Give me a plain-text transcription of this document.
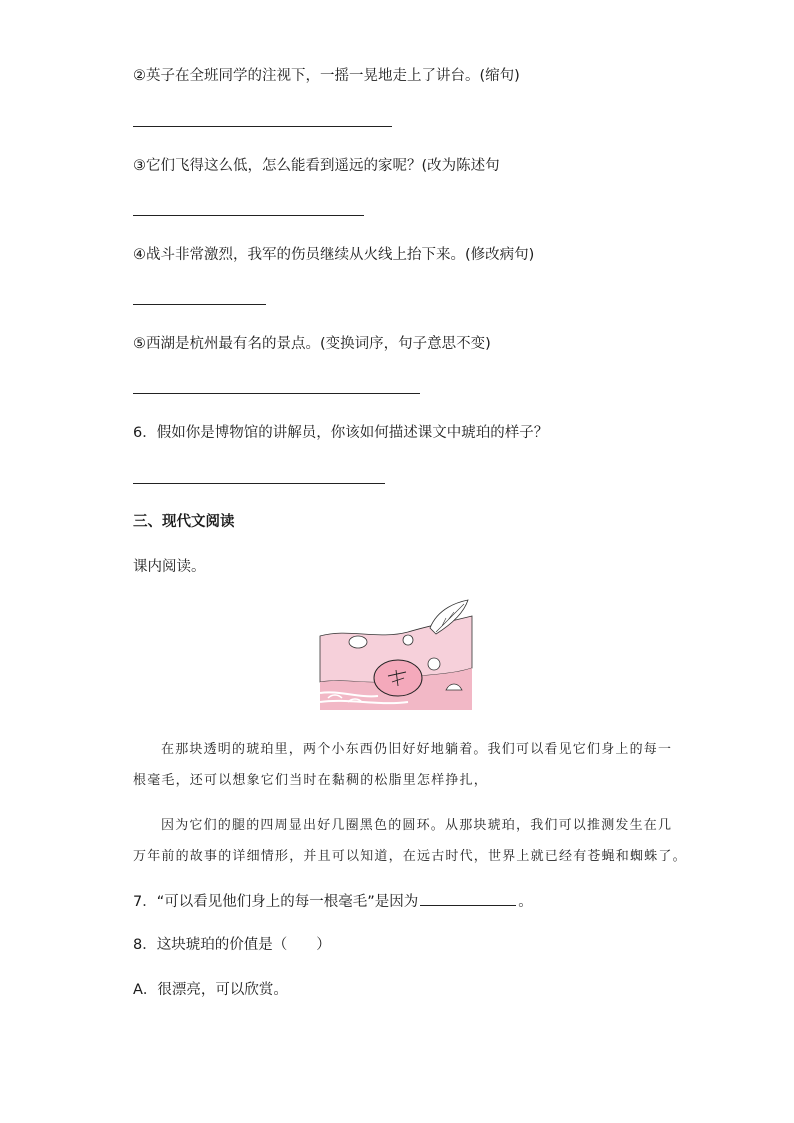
②英子在全班同学的注视下，一摇一晃地走上了讲台。(缩句)
③它们飞得这么低，怎么能看到遥远的家呢？(改为陈述句
④战斗非常激烈，我军的伤员继续从火线上抬下来。(修改病句)
⑤西湖是杭州最有名的景点。(变换词序，句子意思不变)
6．假如你是博物馆的讲解员，你该如何描述课文中琥珀的样子？
三、现代文阅读
课内阅读。
在那块透明的琥珀里，两个小东西仍旧好好地躺着。我们可以看见它们身上的每一
根毫毛，还可以想象它们当时在黏稠的松脂里怎样挣扎，
因为它们的腿的四周显出好几圈黑色的圆环。从那块琥珀，我们可以推测发生在几
万年前的故事的详细情形，并且可以知道，在远古时代，世界上就已经有苍蝇和蜘蛛了。
7．“可以看见他们身上的每一根毫毛”是因为	。
8．这块琥珀的价值是（　　）
A．很漂亮，可以欣赏。
